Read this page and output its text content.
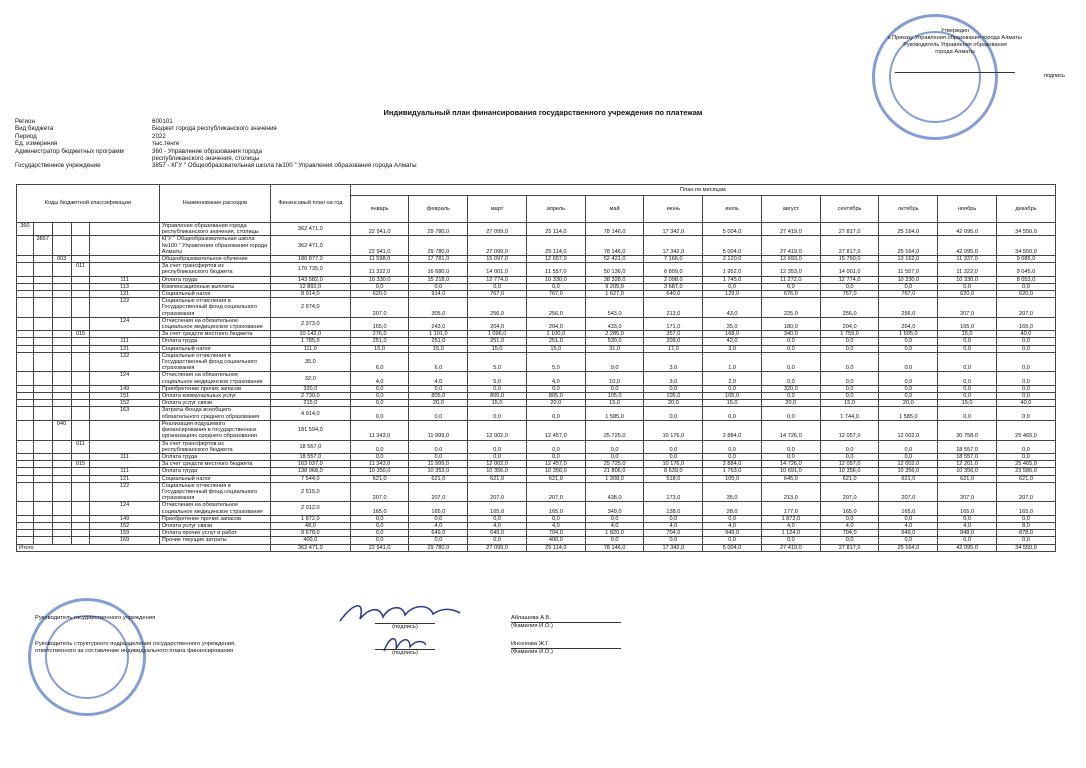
Утвержден
к Приказу Управления образования города Алматы
Руководитель Управления образования
города Алматы
подпись
Индивидуальный план финансирования государственного учреждения по платежам
Регион	600101
Вид бюджета	Бюджет города республиканского значения
Период	2022
Ед. измерения	тыс.тенге
Администратор бюджетных программ	360 - Управление образования города республиканского значения, столицы
Государственное учреждение	3857 - КГУ " Общеобразовательная школа №100 " Управления образования города Алматы
Коды бюджетной классификации					Наименование расходов	Финансовый план на год	План по месяцам											
							январь	февраль	март	апрель	май	июнь	июль	август	сентябрь	октябрь	ноябрь	декабрь
360					Управление образования города республиканского значения, столицы	362 471,0	22 941,0	29 780,0	27 099,0	25 114,0	78 146,0	17 342,0	5 004,0	27 419,0	27 817,0	25 164,0	42 095,0	34 550,0
	3857				КГУ " Общеобразовательная школа №100 " Управления образования города Алматы	362 471,0	22 941,0	29 780,0	27 099,0	25 114,0	78 146,0	17 342,0	5 004,0	27 419,0	27 817,0	25 164,0	42 095,0	34 550,0
		003			Общеобразовательное обучение	180 877,0	11 598,0	17 781,0	15 097,0	12 657,0	52 421,0	7 166,0	2 120,0	12 693,0	15 760,0	13 162,0	11 337,0	9 085,0
			011		За счет трансфертов из республиканского бюджета	170 735,0	11 322,0	16 680,0	14 001,0	11 557,0	50 136,0	6 809,0	1 952,0	12 353,0	14 001,0	11 557,0	11 322,0	9 045,0
				111	Оплата труда	143 582,0	10 330,0	15 218,0	12 774,0	10 330,0	38 328,0	2 098,0	1 745,0	11 272,0	12 774,0	10 330,0	10 330,0	8 053,0
				113	Компенсационные выплаты	12 892,0	0,0	0,0	0,0	0,0	9 205,0	3 687,0	0,0	0,0	0,0	0,0	0,0	0,0
				121	Социальный налог	8 914,0	620,0	914,0	767,0	767,0	1 627,0	640,0	129,0	676,0	767,0	767,0	620,0	620,0
				122	Социальные отчисления в Государственный фонд социального страхования	2 974,0	207,0	305,0	256,0	256,0	543,0	213,0	43,0	225,0	256,0	256,0	207,0	207,0
				124	Отчисления на обязательное социальное медицинское страхование	2 373,0	165,0	243,0	204,0	204,0	433,0	171,0	35,0	180,0	204,0	204,0	165,0	165,0
			015		За счет средств местного бюджета	10 142,0	276,0	1 101,0	1 096,0	1 100,0	2 285,0	357,0	168,0	340,0	1 759,0	1 605,0	15,0	40,0
				111	Оплата труда	1 785,0	251,0	251,0	251,0	251,0	530,0	209,0	42,0	0,0	0,0	0,0	0,0	0,0
				121	Социальный налог	111,0	15,0	15,0	15,0	15,0	31,0	17,0	3,0	0,0	0,0	0,0	0,0	0,0
				122	Социальные отчисления в Государственный фонд социального страхования	35,0	6,0	6,0	5,0	5,0	9,0	3,0	1,0	0,0	0,0	0,0	0,0	0,0
				124	Отчисления на обязательное социальное медицинское страхование	32,0	4,0	4,0	5,0	4,0	10,0	3,0	2,0	0,0	0,0	0,0	0,0	0,0
				149	Приобретение прочих запасов	320,0	0,0	0,0	0,0	0,0	0,0	0,0	0,0	320,0	0,0	0,0	0,0	0,0
				151	Оплата коммунальных услуг	2 730,0	0,0	805,0	805,0	805,0	105,0	105,0	105,0	0,0	0,0	0,0	0,0	0,0
				152	Оплата услуг связи	215,0	0,0	20,0	15,0	20,0	15,0	20,0	15,0	20,0	15,0	20,0	15,0	40,0
				163	Затраты Фонда всеобщего обязательного среднего образования	4 914,0	0,0	0,0	0,0	0,0	1 585,0	0,0	0,0	0,0	1 744,0	1 585,0	0,0	0,0
		040			Реализация подушевого финансирования в государственных организациях среднего образования	181 594,0	11 343,0	11 999,0	12 002,0	12 457,0	25 725,0	10 176,0	2 884,0	14 726,0	12 057,0	12 002,0	30 758,0	25 465,0
			011		За счет трансфертов из республиканского бюджета	18 557,0	0,0	0,0	0,0	0,0	0,0	0,0	0,0	0,0	0,0	0,0	18 557,0	0,0
				111	Оплата труда	18 557,0	0,0	0,0	0,0	0,0	0,0	0,0	0,0	0,0	0,0	0,0	18 557,0	0,0
			015		За счет средств местного бюджета	163 037,0	11 343,0	11 999,0	12 002,0	12 457,0	25 725,0	10 176,0	2 884,0	14 726,0	12 057,0	12 002,0	12 201,0	25 465,0
				111	Оплата труда	138 968,0	10 350,0	10 353,0	10 356,0	10 356,0	21 806,0	8 639,0	1 763,0	10 691,0	10 356,0	10 356,0	10 356,0	23 586,0
				121	Социальный налог	7 544,0	621,0	621,0	621,0	621,0	1 308,0	518,0	105,0	645,0	621,0	621,0	621,0	621,0
				122	Социальные отчисления в Государственный фонд социального страхования	2 515,0	207,0	207,0	207,0	207,0	438,0	173,0	35,0	213,0	207,0	207,0	207,0	207,0
				124	Отчисления на обязательное социальное медицинское страхование	2 012,0	165,0	165,0	165,0	165,0	349,0	138,0	28,0	177,0	165,0	165,0	165,0	165,0
				149	Приобретение прочих запасов	1 872,0	0,0	0,0	0,0	0,0	0,0	0,0	0,0	1 872,0	0,0	0,0	0,0	0,0
				152	Оплата услуг связи	48,0	0,0	4,0	4,0	4,0	4,0	4,0	4,0	4,0	4,0	4,0	4,0	8,0
				159	Оплата прочих услуг и работ	9 678,0	0,0	649,0	649,0	704,0	1 820,0	704,0	949,0	1 124,0	704,0	649,0	848,0	878,0
				169	Прочие текущие затраты	400,0	0,0	0,0	0,0	400,0	0,0	0,0	0,0	0,0	0,0	0,0	0,0	0,0
Итого						362 471,0	22 941,0	29 780,0	27 099,0	25 114,0	78 146,0	17 342,0	5 004,0	27 419,0	27 817,0	25 164,0	42 095,0	34 550,0
Руководитель государственного учреждения
(подпись)
Аблашова А.Б.
(Фамилия И.О.)
Руководитель структурного подразделения государственного учреждения, ответственного за составление индивидуального плана финансирования	(подпись)
Инсепова Ж.Г.
(Фамилия И.О.)
